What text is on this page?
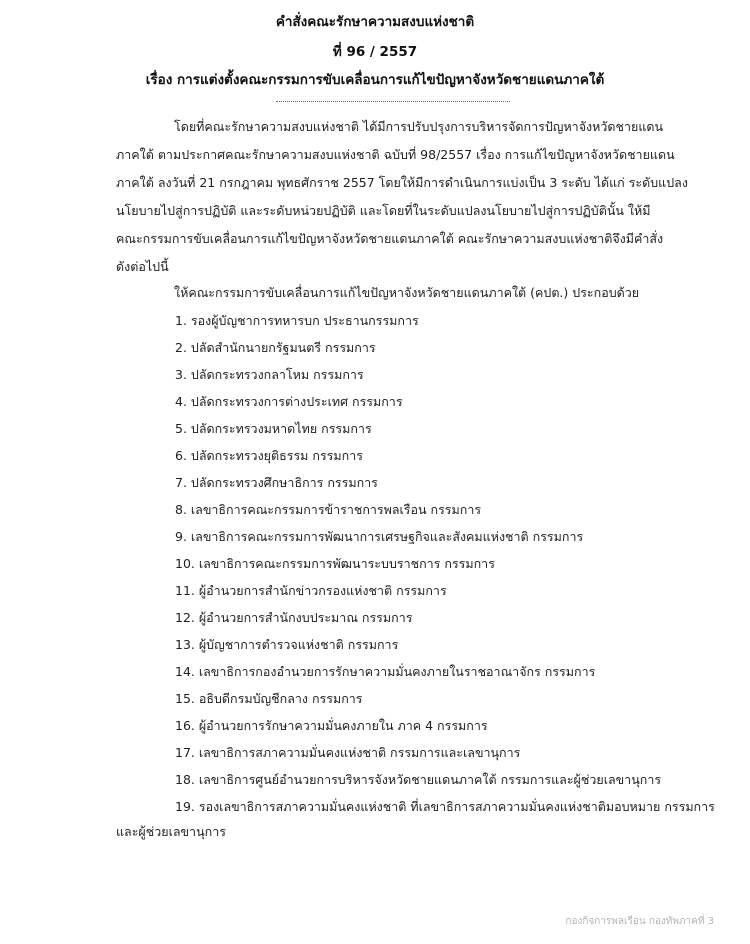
คำสั่งคณะรักษาความสงบแห่งชาติ
ที่ 96 / 2557
เรื่อง การแต่งตั้งคณะกรรมการขับเคลื่อนการแก้ไขปัญหาจังหวัดชายแดนภาคใต้
โดยที่คณะรักษาความสงบแห่งชาติ ได้มีการปรับปรุงการบริหารจัดการปัญหาจังหวัดชายแดน
ภาคใต้ ตามประกาศคณะรักษาความสงบแห่งชาติ ฉบับที่ 98/2557 เรื่อง การแก้ไขปัญหาจังหวัดชายแดน
ภาคใต้ ลงวันที่ 21 กรกฎาคม พุทธศักราช 2557 โดยให้มีการดำเนินการแบ่งเป็น 3 ระดับ ได้แก่ ระดับแปลง
นโยบายไปสู่การปฏิบัติ และระดับหน่วยปฏิบัติ และโดยที่ในระดับแปลงนโยบายไปสู่การปฏิบัตินั้น ให้มี
คณะกรรมการขับเคลื่อนการแก้ไขปัญหาจังหวัดชายแดนภาคใต้ คณะรักษาความสงบแห่งชาติจึงมีคำสั่ง
ดังต่อไปนี้
ให้คณะกรรมการขับเคลื่อนการแก้ไขปัญหาจังหวัดชายแดนภาคใต้ (คปต.) ประกอบด้วย
1. รองผู้บัญชาการทหารบก ประธานกรรมการ
2. ปลัดสำนักนายกรัฐมนตรี กรรมการ
3. ปลัดกระทรวงกลาโหม กรรมการ
4. ปลัดกระทรวงการต่างประเทศ กรรมการ
5. ปลัดกระทรวงมหาดไทย กรรมการ
6. ปลัดกระทรวงยุติธรรม กรรมการ
7. ปลัดกระทรวงศึกษาธิการ กรรมการ
8. เลขาธิการคณะกรรมการข้าราชการพลเรือน กรรมการ
9. เลขาธิการคณะกรรมการพัฒนาการเศรษฐกิจและสังคมแห่งชาติ กรรมการ
10. เลขาธิการคณะกรรมการพัฒนาระบบราชการ กรรมการ
11. ผู้อำนวยการสำนักข่าวกรองแห่งชาติ กรรมการ
12. ผู้อำนวยการสำนักงบประมาณ กรรมการ
13. ผู้บัญชาการตำรวจแห่งชาติ กรรมการ
14. เลขาธิการกองอำนวยการรักษาความมั่นคงภายในราชอาณาจักร กรรมการ
15. อธิบดีกรมบัญชีกลาง กรรมการ
16. ผู้อำนวยการรักษาความมั่นคงภายใน ภาค 4 กรรมการ
17. เลขาธิการสภาความมั่นคงแห่งชาติ กรรมการและเลขานุการ
18. เลขาธิการศูนย์อำนวยการบริหารจังหวัดชายแดนภาคใต้ กรรมการและผู้ช่วยเลขานุการ
19. รองเลขาธิการสภาความมั่นคงแห่งชาติ ที่เลขาธิการสภาความมั่นคงแห่งชาติมอบหมาย กรรมการ
และผู้ช่วยเลขานุการ
กองกิจการพลเรือน กองทัพภาคที่ 3
